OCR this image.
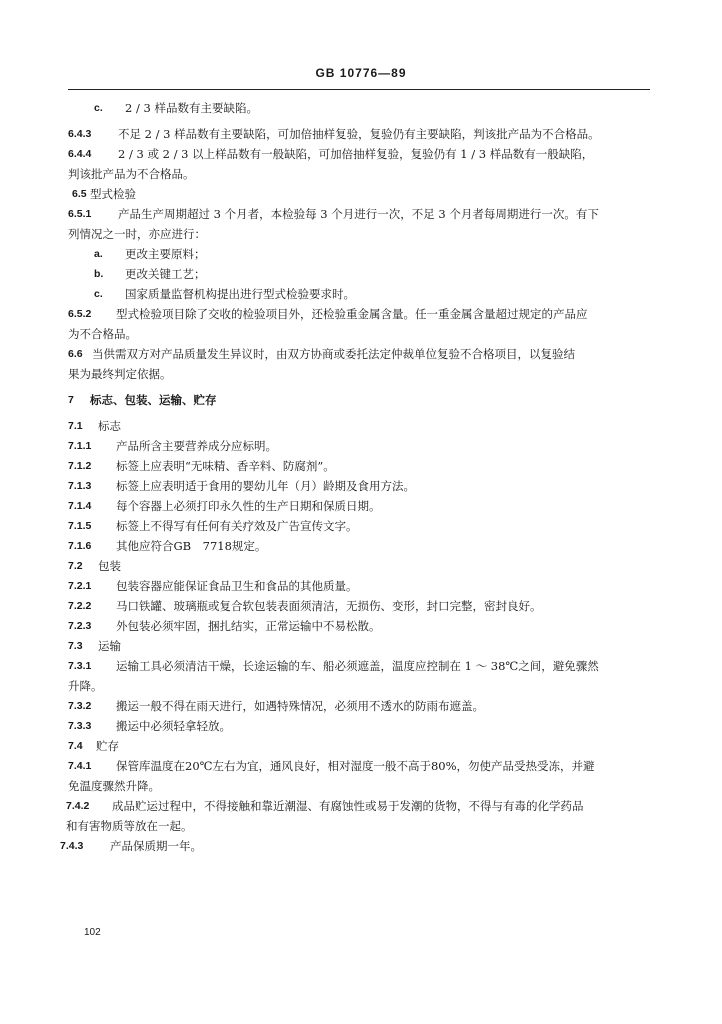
GB 10776—89
c. 2 / 3 样品数有主要缺陷。
6.4.3 不足 2 / 3 样品数有主要缺陷，可加倍抽样复验，复验仍有主要缺陷，判该批产品为不合格品。
6.4.4 2 / 3 或 2 / 3 以上样品数有一般缺陷，可加倍抽样复验，复验仍有 1 / 3 样品数有一般缺陷，
判该批产品为不合格品。
6.5 型式检验
6.5.1 产品生产周期超过 3 个月者，本检验每 3 个月进行一次，不足 3 个月者每周期进行一次。有下
列情况之一时，亦应进行：
a. 更改主要原料；
b. 更改关键工艺；
c. 国家质量监督机构提出进行型式检验要求时。
6.5.2 型式检验项目除了交收的检验项目外，还检验重金属含量。任一重金属含量超过规定的产品应
为不合格品。
6.6 当供需双方对产品质量发生异议时，由双方协商或委托法定仲裁单位复验不合格项目，以复验结
果为最终判定依据。
7 标志、包装、运输、贮存
7.1 标志
7.1.1 产品所含主要营养成分应标明。
7.1.2 标签上应表明“无味精、香辛料、防腐剂”。
7.1.3 标签上应表明适于食用的婴幼儿年（月）龄期及食用方法。
7.1.4 每个容器上必须打印永久性的生产日期和保质日期。
7.1.5 标签上不得写有任何有关疗效及广告宣传文字。
7.1.6 其他应符合GB　7718规定。
7.2 包装
7.2.1 包装容器应能保证食品卫生和食品的其他质量。
7.2.2 马口铁罐、玻璃瓶或复合软包装表面须清洁，无损伤、变形，封口完整，密封良好。
7.2.3 外包装必须牢固，捆扎结实，正常运输中不易松散。
7.3 运输
7.3.1 运输工具必须清洁干燥，长途运输的车、船必须遮盖，温度应控制在 1 ～ 38℃之间，避免骤然
升降。
7.3.2 搬运一般不得在雨天进行，如遇特殊情况，必须用不透水的防雨布遮盖。
7.3.3 搬运中必须轻拿轻放。
7.4 贮存
7.4.1 保管库温度在20℃左右为宜，通风良好，相对湿度一般不高于80%，勿使产品受热受冻，并避
免温度骤然升降。
7.4.2 成品贮运过程中，不得接触和靠近潮湿、有腐蚀性或易于发潮的货物，不得与有毒的化学药品
和有害物质等放在一起。
7.4.3 产品保质期一年。
102
